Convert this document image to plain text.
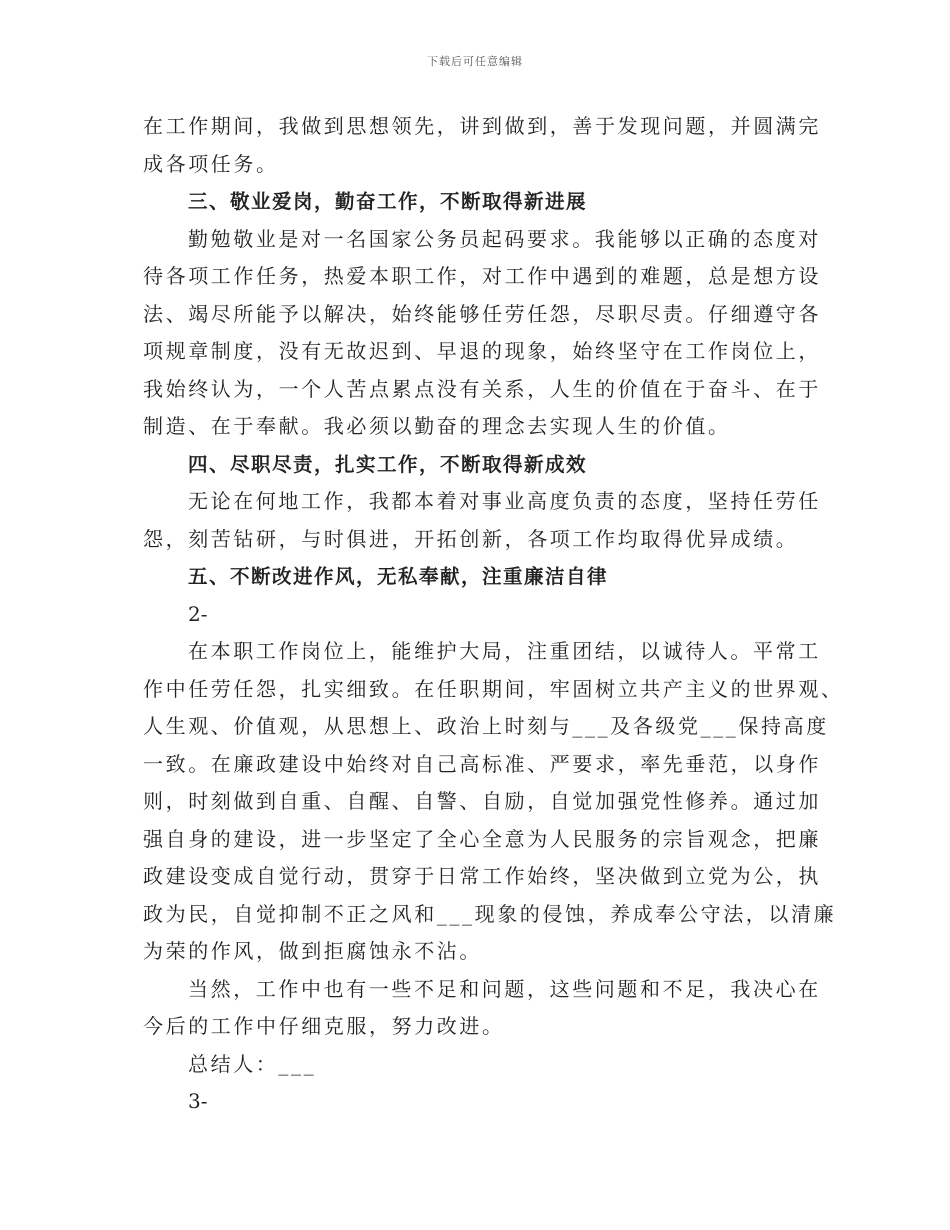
下载后可任意编辑
在工作期间，我做到思想领先，讲到做到，善于发现问题，并圆满完
成各项任务。
三、敬业爱岗，勤奋工作，不断取得新进展
勤勉敬业是对一名国家公务员起码要求。我能够以正确的态度对
待各项工作任务，热爱本职工作，对工作中遇到的难题，总是想方设
法、竭尽所能予以解决，始终能够任劳任怨，尽职尽责。仔细遵守各
项规章制度，没有无故迟到、早退的现象，始终坚守在工作岗位上，
我始终认为，一个人苦点累点没有关系，人生的价值在于奋斗、在于
制造、在于奉献。我必须以勤奋的理念去实现人生的价值。
四、尽职尽责，扎实工作，不断取得新成效
无论在何地工作，我都本着对事业高度负责的态度，坚持任劳任
怨，刻苦钻研，与时俱进，开拓创新，各项工作均取得优异成绩。
五、不断改进作风，无私奉献，注重廉洁自律
2-
在本职工作岗位上，能维护大局，注重团结，以诚待人。平常工
作中任劳任怨，扎实细致。在任职期间，牢固树立共产主义的世界观、
人生观、价值观，从思想上、政治上时刻与___及各级党___保持高度
一致。在廉政建设中始终对自己高标准、严要求，率先垂范，以身作
则，时刻做到自重、自醒、自警、自励，自觉加强党性修养。通过加
强自身的建设，进一步坚定了全心全意为人民服务的宗旨观念，把廉
政建设变成自觉行动，贯穿于日常工作始终，坚决做到立党为公，执
政为民，自觉抑制不正之风和___现象的侵蚀，养成奉公守法，以清廉
为荣的作风，做到拒腐蚀永不沾。
当然，工作中也有一些不足和问题，这些问题和不足，我决心在
今后的工作中仔细克服，努力改进。
总结人：___
3-
